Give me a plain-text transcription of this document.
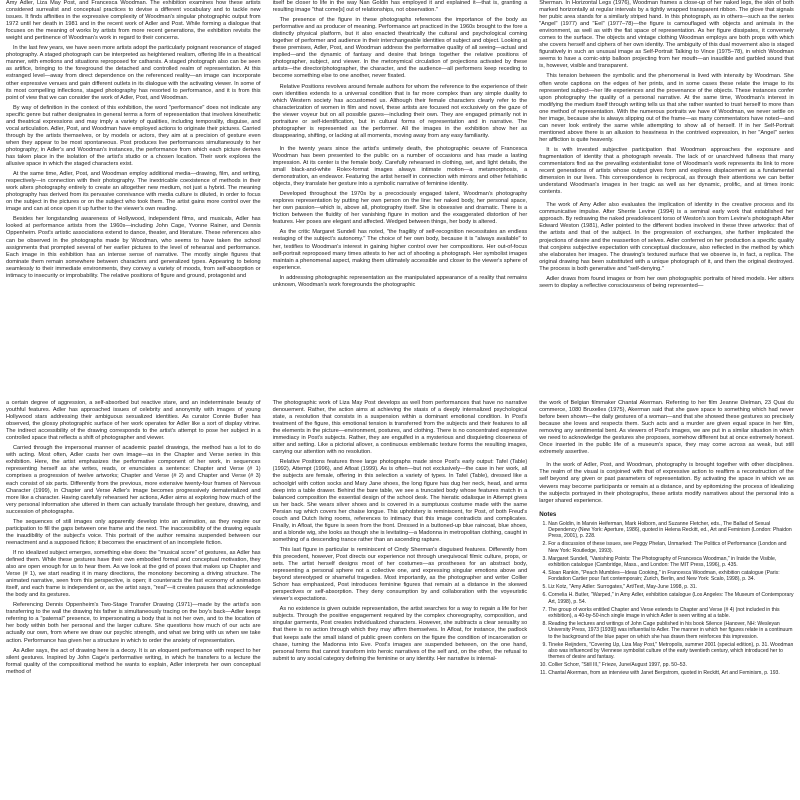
Amy Adler, Liza May Post, and Francesca Woodman. The exhibition examines how these artists considered surrealist and conceptual practices to devise a different vocabulary and to tackle new issues. It finds affinities in the expressive complexity of Woodman's singular photographic output from 1972 until her death in 1981 and in the recent work of Adler and Post. While forming a dialogue that focuses on the meaning of works by artists from more recent generations, the exhibition revisits the weight and pertinence of Woodman's work in regard to their concerns.

In the last few years, we have seen more artists adopt the particularly poignant resonance of staged photography. A staged photograph can be interpreted as heightened realism, offering life in a theatrical manner, with emotions and situations reproposed for catharsis. A staged photograph also can be seen as artifice, bringing to the foreground the detached and controlled realm of representation. At this estranged level—away from direct dependence on the referenced reality—an image can incorporate other expressive venues and gain different outlets in its dialogue with the activating viewer. In some of its most compelling inflections, staged photography has resorted to performance, and it is from this point of view that we can consider the work of Adler, Post, and Woodman.

By way of definition in the context of this exhibition, the word "performance" does not indicate any specific genre but rather designates in general terms a form of representation that involves kinesthetic and theatrical expressions and may imply a variety of qualities, including temporality, disguise, and vocal articulation. Adler, Post, and Woodman have employed actions to originate their pictures. Carried through by the artists themselves, or by models or actors, they aim at a precision of gesture even when they appear to be most spontaneous. Post produces live performances simultaneously to her photography; in Adler's and Woodman's instances, the performance from which each picture derives has taken place in the isolation of the artist's studio or a chosen location. Their work explores the allusive space in which the staged characters exist.

At the same time, Adler, Post, and Woodman employ additional media—drawing, film, and writing, respectively—in connection with their photography. The inextricable coexistence of methods in their work alters photography entirely to create an altogether new medium, not just a hybrid. The meaning photography has derived from its pervasive connivance with media culture is diluted, in order to focus on the subject in the pictures or on the subject who took them. The artist gains more control over the image and can at once open it up further to the viewer's own reading.

Besides her longstanding awareness of Hollywood, independent films, and musicals, Adler has looked at performance artists from the 1960s—including John Cage, Yvonne Rainer, and Dennis Oppenheim. Post's artistic associations extend to dance, theater, and literature. These references also can be observed in the photographs made by Woodman, who seems to have taken the school assignments that prompted several of her earlier pictures to the level of rehearsal and performance. Each image in this exhibition has an intense sense of narrative. The mostly single figures that dominate them remain somewhere between characters and generalized types. Appearing to belong seamlessly to their immediate environments, they convey a variety of moods, from self-absorption or intimacy to insecurity or improbability. The relative positions of figure and ground, protagonist and

itself be closer to life in the way Nan Goldin has employed it and explained it—that is, granting a resulting image "that come[s] out of relationships, not observation."

The presence of the figure in these photographs references the importance of the body as performative and as producer of meaning. Performance art practiced in the 1960s brought to the fore a distinctly physical platform, but it also enacted theatrically the cultural and psychological coming together of performer and audience in their interchangeable identities of subject and object. Looking at these premises, Adler, Post, and Woodman address the performative quality of all seeing—actual and implied—and the dynamic of fantasy and desire that brings together the relative positions of photographer, subject, and viewer. In the metonymical circulation of projections activated by these artists—the director/photographer, the character, and the audience—all performers keep receding to become something else to one another, never fixated.

Relative Positions revolves around female authors for whom the reference to the experience of their own identities extends to a universal condition that is far more complex than any simple duality to which Western society has accustomed us. Although their female characters clearly refer to the characterization of women in film and novel, these artists are focused not exclusively on the gaze of the viewer voyeur but on all possible gazes—including their own. They are engaged primarily not in portraiture or self-identification, but in cultural forms of representation and in narrative. The photographer is represented as the performer. All the images in the exhibition show her as disappearing, shifting, or lacking at all moments, moving away from any easy familiarity.

In the twenty years since the artist's untimely death, the photographic oeuvre of Francesca Woodman has been presented to the public on a number of occasions and has made a lasting impression. At its center is the female body. Carefully rehearsed in clothing, set, and light details, the small black-and-white Rolex-format images always intimate motion—a metamorphosis, a demonstration, an endeavor. Featuring the artist herself in connection with mirrors and other fetishistic objects, they translate her gesture into a symbolic narrative of feminine identity.

Developed throughout the 1970s by a precociously engaged talent, Woodman's photography explores representation by putting her own person on the line: her naked body, her personal space, her own passion—which is, above all, photography itself. She is obsessive and dramatic. There is a friction between the fluidity of her vanishing figure in motion and the exaggerated distortion of her features. Her poses are elegant and affected. Wedged between things, her body is altered.

As the critic Margaret Sundell has noted, "the fragility of self-recognition necessitates an endless restaging of the subject's autonomy." The choice of her own body, because it is "always available" to her, testifies to Woodman's interest in gaining higher control over her compositions. Her out-of-focus self-portrait reproposed many times attests to her act of shooting a photograph. Her symbolist images maintain a phenomenal aspect, making them ultimately accessible and closer to the viewer's sphere of experience.

In addressing photographic representation as the manipulated appearance of a reality that remains unknown, Woodman's work foregrounds the photographic

Sherman. In Horizontal Legs (1976), Woodman frames a close-up of her naked legs, the skin of both marked horizontally at regular intervals by a tightly wrapped transparent ribbon. The glove that signals her pubic area stands for a similarly striped hand. In this photograph, as in others—such as the series "Angel" (1977) and "Eel" (1977–78)—the figure is camouflaged with objects and animals in the environment, as well as with the flat space of representation. As her figure dissipates, it conversely comes to the surface. The objects and vintage clothing Woodman employs are both props with which she covers herself and ciphers of her own identity. The ambiguity of this dual movement also is staged figuratively in such an unusual image as Self-Portrait Talking to Vince (1975–78), in which Woodman seems to have a comic-strip balloon projecting from her mouth—an inaudible and garbled sound that is, however, visible and transparent.

This tension between the symbolic and the phenomenal is lived with intensity by Woodman. She often wrote captions on the edges of her prints, and in some cases these relate the image to its represented subject—her life experiences and the provenance of the objects. These instances confer upon photography the quality of a personal narrative. At the same time, Woodman's interest in modifying the medium itself through writing tells us that she rather wanted to trust herself to more than one method of representation. With the numerous portraits we have of Woodman, we never settle on her image, because she is always slipping out of the frame—as many commentators have noted—and can never look entirely the same while attempting to show all of herself. If in her Self-Portrait mentioned above there is an allusion to heaviness in the contrived expression, in her "Angel" series her affliction is quite heavenly.

It is with invested subjective participation that Woodman approaches the exposure and fragmentation of identity that a photograph reveals. The lack of or unarchived fullness that many commentators find as the prevailing existentialist tone of Woodman's work represents its link to more recent generations of artists whose output gives form and explores displacement as a fundamental dimension in our lives. This correspondence is reciprocal, as through their attentions we can better understand Woodman's images in her tragic as well as her dynamic, prolific, and at times ironic contents.

The work of Amy Adler also evaluates the implication of identity in the creative process and its communicative impulse. After Sherrie Levine (1994) is a seminal early work that established her approach. By redrawing the naked preadolescent torso of Weston's son from Levine's photograph After Edward Weston (1981), Adler pointed to the different bodies involved in these three artworks: that of the artists and that of the subject. In the progression of exchanges, she further implicated the projections of desire and the reassertion of selves. Adler conferred on her production a specific quality that conjoins subjective expectation with conceptual disclosure, also reflected in the method by which she elaborates her images. The drawing's textured surface that we observe is, in fact, a replica. The original drawing has been substituted with a unique photograph of it, and then the original destroyed. The process is both generative and "self-denying."

Adler draws from found images or from her own photographic portraits of hired models. Her sitters seem to display a reflective consciousness of being represented—

a certain degree of aggression, a self-absorbed but reactive stare, and an indeterminate beauty of youthful features. Adler has approached issues of celebrity and anonymity with images of young Hollywood stars addressing their ambiguous sexualized identities. As curator Connie Butler has observed, the glossy photographic surface of her work operates for Adler like a sort of display vitrine. The indirect accessibility of the drawing corresponds to the artist's attempt to pose her subject in a controlled space that reflects a shift of photographer and viewer.

Carried through the impersonal manner of academic pastel drawings, the method has a lot to do with acting. Most often, Adler casts her own image—as in the Chapter and Verse series in this exhibition. Here, the artist emphasizes the performative component of her work, in sequences representing herself as she writes, reads, or enunciates a sentence: Chapter and Verse (# 1) comprises a progression of twelve artworks; Chapter and Verse (# 2) and Chapter and Verse (# 3) each consist of six parts. Differently from the previous, more extensive twenty-four frames of Nervous Character (1999), in Chapter and Verse Adler's image becomes progressively dematerialized and more like a character. Having carefully rehearsed her actions, Adler aims at exploring how much of the very personal information she uttered in them can actually translate through her gesture, drawing, and succession of photographs.

The sequences of still images only apparently develop into an animation, as they require our participation to fill the gaps between one frame and the next. The inaccessibility of the drawing equals the inaudibility of the subject's voice. This portrait of the author remains suspended between our reenactment and a supposed fiction; it becomes the enactment of an incomplete fiction.

If no idealized subject emerges, something else does: the "musical score" of gestures, as Adler has defined them. While these gestures have their own embodied formal and conceptual motivation, they also are open enough for us to hear them. As we look at the grid of poses that makes up Chapter and Verse (# 1), we start reading it in many directions, the monotony becoming a driving structure. The animated narrative, seen from this perspective, is open; it counteracts the fast economy of animation itself, and each frame is independent or, as the artist says, "real"—it creates pauses that acknowledge the body and its gestures.

Referencing Dennis Oppenheim's Two-Stage Transfer Drawing (1971)—made by the artist's son transferring to the wall the drawing his father is simultaneously tracing on the boy's back—Adler keeps referring to a "paternal" presence, to impersonating a body that is not her own, and to the location of her body within both her personal and the larger culture. She questions how much of our acts are actually our own, from where we draw our psychic strength, and what we bring with us when we take action. Performance has given her a structure in which to order the anxiety of representation.

As Adler says, the act of drawing here is a decoy. It is an eloquent performance with respect to her silent gestures. Inspired by John Cage's performative writing, in which he transfers to a lecture the formal quality of the compositional method he wants to explain, Adler interprets her own conceptual method of

The photographic work of Liza May Post develops as well from performances that have no narrative denouement. Rather, the action aims at achieving the stasis of a deeply internalized psychological state, a resolution that consists in a suspension within a dominant emotional condition. In Post's treatment of the figure, this emotional tension is transferred from the subjects and their features to all the elements in the picture—environment, postures, and clothing. There is no concentrated expressive immediacy in Post's subjects. Rather, they are engulfed in a mysterious and disquieting closeness of sitter and setting. Like a pictorial allover, a continuous emblematic texture forms the resulting images, carrying our attention with no resolution.

Relative Positions features three large photographs made since Post's early output: Tafel (Table) (1992), Attempt (1996), and Afloat (1999). As is often—but not exclusively—the case in her work, all the subjects are female, offering in this selection a variety of types. In Tafel (Table), dressed like a schoolgirl with cotton socks and Mary Jane shoes, the long figure has dug her neck, head, and arms deep into a table drawer. Behind the bare table, we see a truncated body whose features match in a balanced composition the essential design of the school desk. The hieratic odalisque in Attempt gives us her back. She wears silver shoes and is covered in a sumptuous costume made with the same Persian rug which covers her chaise longue. This upholstery is reminiscent, for Post, of both Freud's couch and Dutch living rooms, references to intimacy that this image contradicts and complicates. Finally, in Afloat, the figure is seen from the front. Dressed in a buttoned-up blue raincoat, blue shoes, and a blonde wig, she looks as though she is levitating—a Madonna in metropolitan clothing, caught in something of a descending trance rather than an ascending rapture.

This last figure in particular is reminiscent of Cindy Sherman's disguised features. Differently from this precedent, however, Post directs our experience not through unequivocal filmic culture, props, or sets. The artist herself designs most of her costumes—as prostheses for an abstract body, representing a personal sphere not a collective one, and expressing singular emotions above and beyond stereotyped or shameful tragedies. Most importantly, as the photographer and writer Collier Schorr has emphasized, Post introduces feminine figures that remain at a distance in the skewed perspectives or self-absorption. They deny consumption by and collaboration with the voyeuristic viewer's expectations.

As no existence is given outside representation, the artist searches for a way to regain a life for her subjects. Through the positive engagement required by the complex choreography, composition, and singular garments, Post creates individualized characters. However, she subtracts a clear sexuality so that there is no action through which they may affirm themselves. In Afloat, for instance, the padlock that keeps safe the small island of public green confers on the figure the condition of incarceration or chase, turning the Madonna into Eve. Post's images are suspended between, on the one hand, personal forms that cannot transform into heroic narratives of the self and, on the other, the refusal to submit to any social category defining the feminine or any identity. Her narrative is internal-

the work of Belgian filmmaker Chantal Akerman. Referring to her film Jeanne Dielman, 23 Quai du commerce, 1080 Bruxelles (1975), Akerman said that she gave space to something which had never before been shown—the daily gestures of a woman—and that she showed these gestures so precisely because she loves and respects them. Such acts and a murder are given equal space in her film, removing any sentimental bent. As viewers of Post's images, we are put in a similar situation in which we need to acknowledge the gestures she proposes, somehow different but at once extremely honest. Once inserted in the public life of a museum's space, they may come across as weak, but still extremely assertive.

In the work of Adler, Post, and Woodman, photography is brought together with other disciplines. The realm of the visual is conjoined with that of expressive action to reaffirm a reconstruction of the self beyond any given or past parameters of representation. By activating the space in which we as viewers may become participants or remain at a distance, and by epitomizing the process of idealizing the subjects portrayed in their photographs, these artists modify narratives about the personal into a larger shared experience.

Notes
1. Nan Goldin, in Marvin Heiferman, Mark Holborn, and Suzanne Fletcher, eds., The Ballad of Sexual Dependency (New York: Aperture, 1986), quoted in Helena Reckitt, ed., Art and Feminism (London: Phaidon Press, 2001), p. 228.
2. For a discussion of these issues, see Peggy Phelan, Unmarked: The Politics of Performance (London and New York: Routledge, 1993).
3. Margaret Sundell, "Vanishing Points: The Photography of Francesca Woodman," in Inside the Visible, exhibition catalogue (Cambridge, Mass., and London: The MIT Press, 1996), p. 435.
4. Sloan Rankin, "Peach Mumbles—Ideas Cooking," in Francesca Woodman, exhibition catalogue (Paris: Fondation Cartier pour l'art contemporain; Zurich, Berlin, and New York: Scalo, 1998), p. 34.
5. Liz Kotz, "Amy Adler: Surrogates," Art/Text, May-June 1998, p. 31.
6. Cornelia H. Butler, "Warped," in Amy Adler, exhibition catalogue (Los Angeles: The Museum of Contemporary Art, 1998), p. 54.
7. The group of works entitled Chapter and Verse extends to Chapter and Verse (# 4) (not included in this exhibition), a 40-by-50-inch single image in which Adler is seen writing at a table.
8. Reading the lectures and writings of John Cage published in his book Silence (Hanover, NH: Wesleyan University Press, 1973 [1939]) was influential to Adler. The manner in which her figures relate in a continuum to the background of the blue paper on which she has drawn them reinforces this impression.
9. Tineke Reijnders, "Covering Up, Liza May Post," Metropolis, summer 2001 (special edition), p. 31. Woodman also was influenced by Viennese symbolist culture of the early twentieth century, which introduced her to themes of desire and fantasy.
10. Collier Schorr, "Still III," Frieze, June/August 1997, pp. 50–53.
11. Chantal Akerman, from an interview with Janet Bergstrom, quoted in Reckitt, Art and Feminism, p. 193.
